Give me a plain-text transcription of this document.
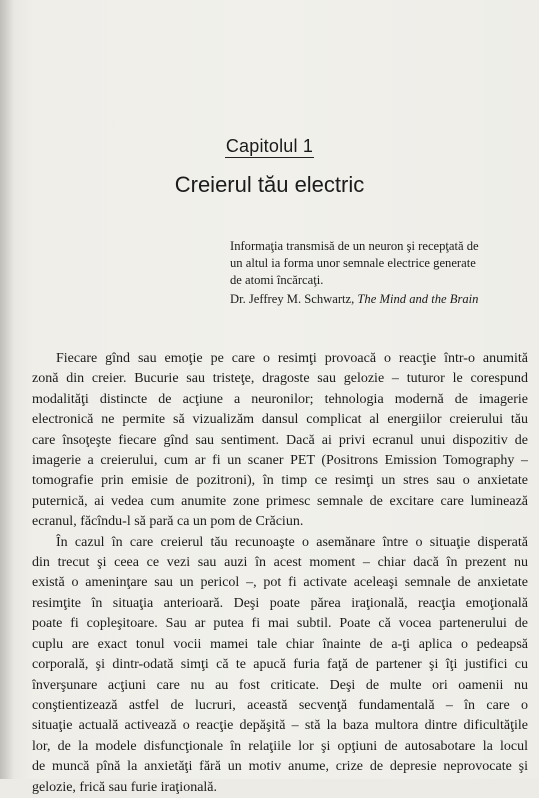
Capitolul 1
Creierul tău electric
Informaţia transmisă de un neuron şi recepţată de
un altul ia forma unor semnale electrice generate
de atomi încărcaţi.
Dr. Jeffrey M. Schwartz, The Mind and the Brain
Fiecare gînd sau emoţie pe care o resimţi provoacă o reacţie într-o anumită
zonă din creier. Bucurie sau tristeţe, dragoste sau gelozie – tuturor le corespund
modalităţi distincte de acţiune a neuronilor; tehnologia modernă de imagerie
electronică ne permite să vizualizăm dansul complicat al energiilor creierului tău
care însoţeşte fiecare gînd sau sentiment. Dacă ai privi ecranul unui dispozitiv de
imagerie a creierului, cum ar fi un scaner PET (Positrons Emission Tomography –
tomografie prin emisie de pozitroni), în timp ce resimţi un stres sau o anxietate
puternică, ai vedea cum anumite zone primesc semnale de excitare care luminează
ecranul, făcîndu-l să pară ca un pom de Crăciun.
În cazul în care creierul tău recunoaşte o asemănare între o situaţie disperată
din trecut şi ceea ce vezi sau auzi în acest moment – chiar dacă în prezent nu
există o ameninţare sau un pericol –, pot fi activate aceleaşi semnale de anxietate
resimţite în situaţia anterioară. Deşi poate părea iraţională, reacţia emoţională
poate fi copleşitoare. Sau ar putea fi mai subtil. Poate că vocea partenerului de
cuplu are exact tonul vocii mamei tale chiar înainte de a-ţi aplica o pedeapsă
corporală, şi dintr-odată simţi că te apucă furia faţă de partener şi îţi justifici cu
înverşunare acţiuni care nu au fost criticate. Deşi de multe ori oamenii nu
conştientizează astfel de lucruri, această secvenţă fundamentală – în care o
situaţie actuală activează o reacţie depăşită – stă la baza multora dintre dificultăţile
lor, de la modele disfuncţionale în relaţiile lor şi opţiuni de autosabotare la locul
de muncă pînă la anxietăţi fără un motiv anume, crize de depresie neprovocate şi
gelozie, frică sau furie iraţională.
